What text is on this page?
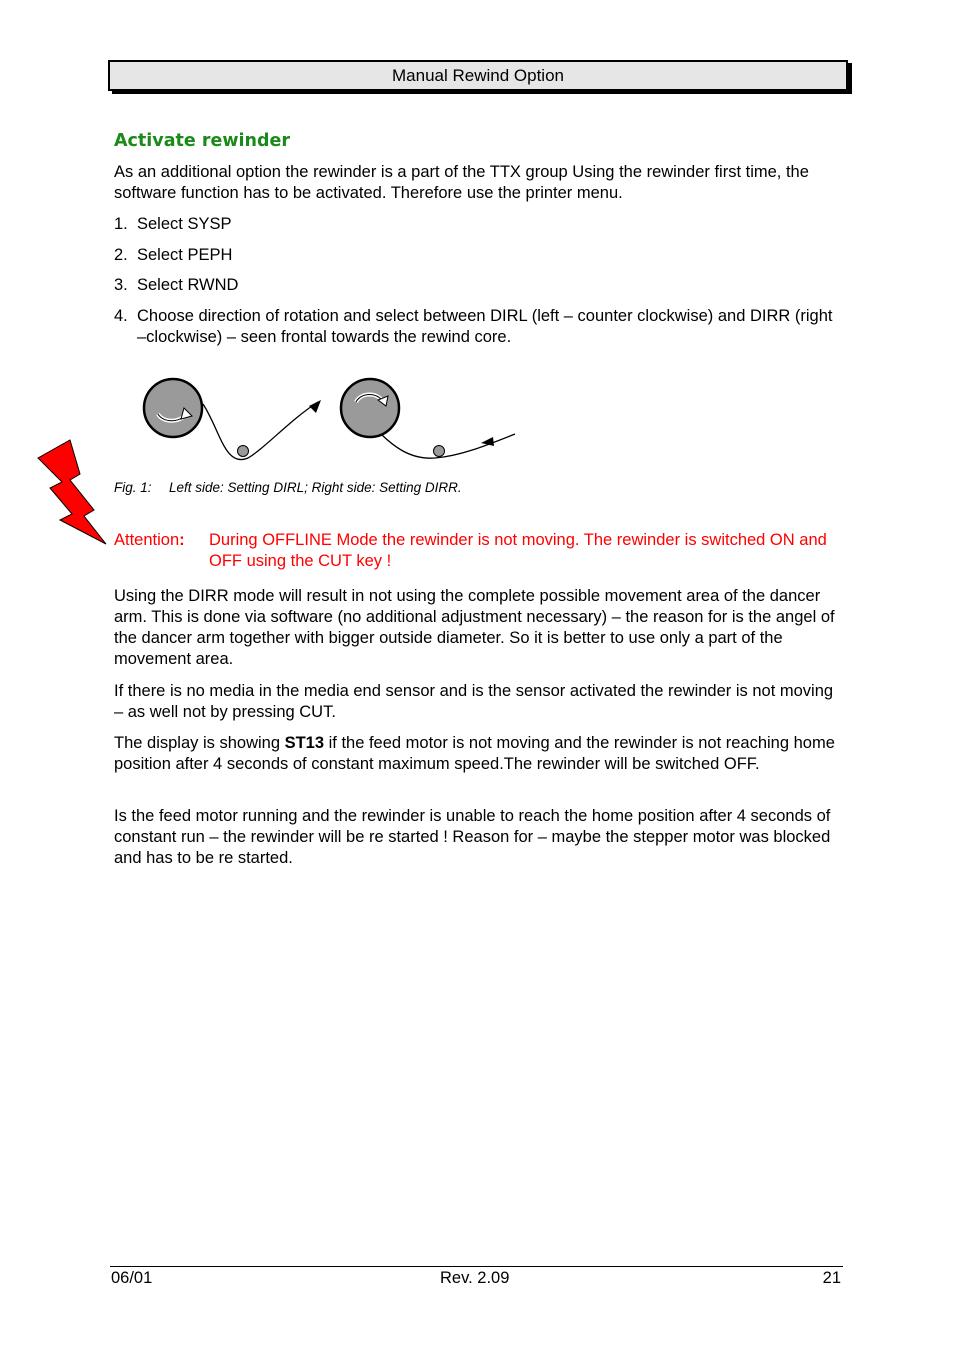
Manual Rewind Option
Activate rewinder

As an additional option the rewinder is a part of the TTX group Using the rewinder first time, the software function has to be activated. Therefore use the printer menu.

1. Select SYSP
2. Select PEPH
3. Select RWND
4. Choose direction of rotation and select between DIRL (left – counter clockwise) and DIRR (right –clockwise) – seen frontal towards the rewind core.

Fig. 1: Left side: Setting DIRL; Right side: Setting DIRR.

Attention:	During OFFLINE Mode the rewinder is not moving. The rewinder is switched ON and OFF using the CUT key !

Using the DIRR mode will result in not using the complete possible movement area of the dancer arm. This is done via software (no additional adjustment necessary) – the reason for is the angel of the dancer arm together with bigger outside diameter. So it is better to use only a part of the movement area.

If there is no media in the media end sensor and is the sensor activated the rewinder is not moving – as well not by pressing CUT.

The display is showing ST13 if the feed motor is not moving and the rewinder is not reaching home position after 4 seconds of constant maximum speed.The rewinder will be switched OFF.

Is the feed motor running and the rewinder is unable to reach the home position after 4 seconds of constant run – the rewinder will be re started ! Reason for – maybe the stepper motor was blocked and has to be re started.

06/01	Rev. 2.09	21
